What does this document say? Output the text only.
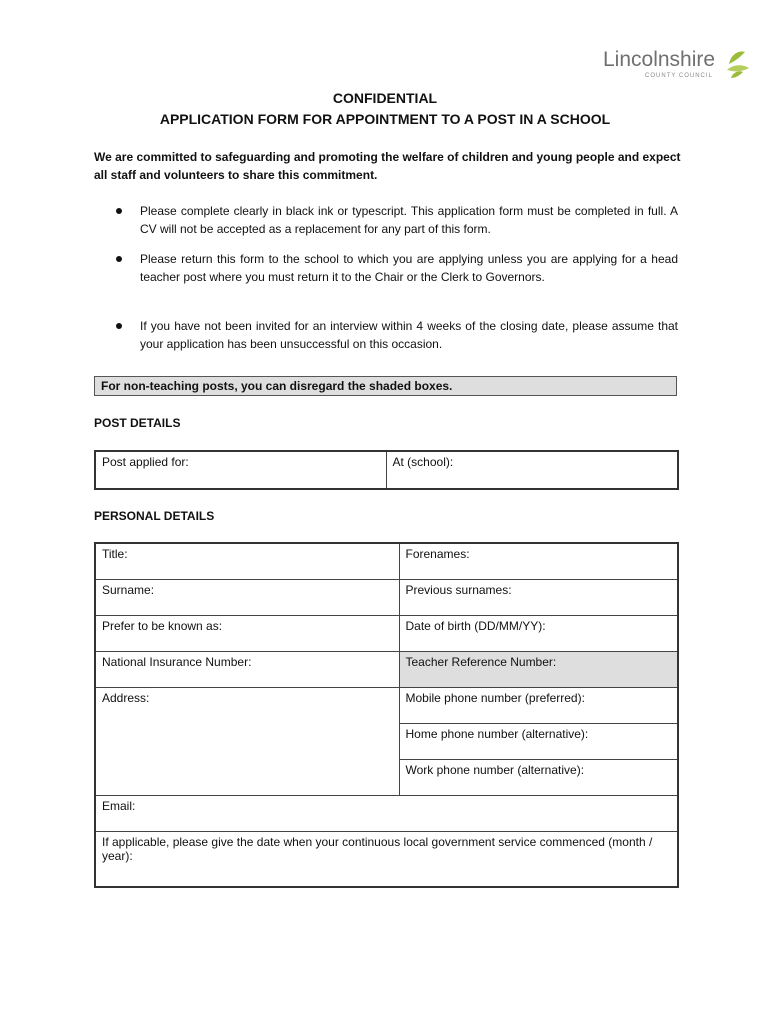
Lincolnshire
COUNTY COUNCIL
CONFIDENTIAL
APPLICATION FORM FOR APPOINTMENT TO A POST IN A SCHOOL
We are committed to safeguarding and promoting the welfare of children and young people and expect all staff and volunteers to share this commitment.
Please complete clearly in black ink or typescript. This application form must be completed in full. A CV will not be accepted as a replacement for any part of this form.
Please return this form to the school to which you are applying unless you are applying for a head teacher post where you must return it to the Chair or the Clerk to Governors.
If you have not been invited for an interview within 4 weeks of the closing date, please assume that your application has been unsuccessful on this occasion.
For non-teaching posts, you can disregard the shaded boxes.
POST DETAILS
Post applied for:	At (school):
PERSONAL DETAILS
Title:	Forenames:
Surname:	Previous surnames:
Prefer to be known as:	Date of birth (DD/MM/YY):
National Insurance Number:	Teacher Reference Number:
Address:	Mobile phone number (preferred):
	Home phone number (alternative):
	Work phone number (alternative):
Email:	
If applicable, please give the date when your continuous local government service commenced (month / year):	
